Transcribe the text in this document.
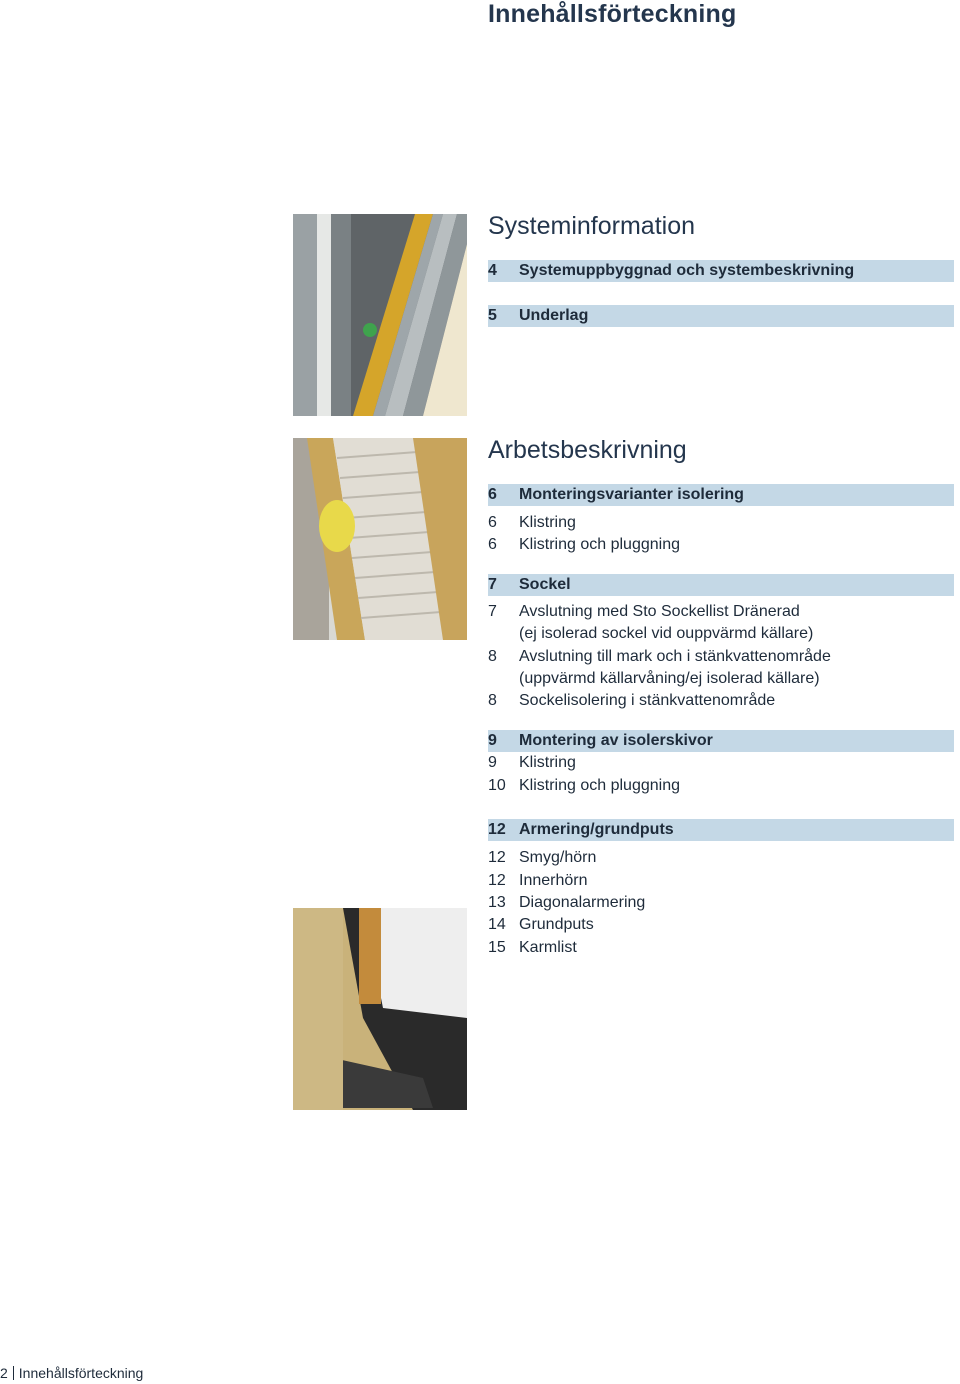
Innehållsförteckning
Systeminformation
4 Systemuppbyggnad och systembeskrivning
5 Underlag
Arbetsbeskrivning
6 Monteringsvarianter isolering
6 Klistring
6 Klistring och pluggning
7 Sockel
7 Avslutning med Sto Sockellist Dränerad
(ej isolerad sockel vid ouppvärmd källare)
8 Avslutning till mark och i stänkvattenområde
(uppvärmd källarvåning/ej isolerad källare)
8 Sockelisolering i stänkvattenområde
9 Montering av isolerskivor
9 Klistring
10 Klistring och pluggning
12 Armering/grundputs
12 Smyg/hörn
12 Innerhörn
13 Diagonalarmering
14 Grundputs
15 Karmlist
2 Innehållsförteckning
